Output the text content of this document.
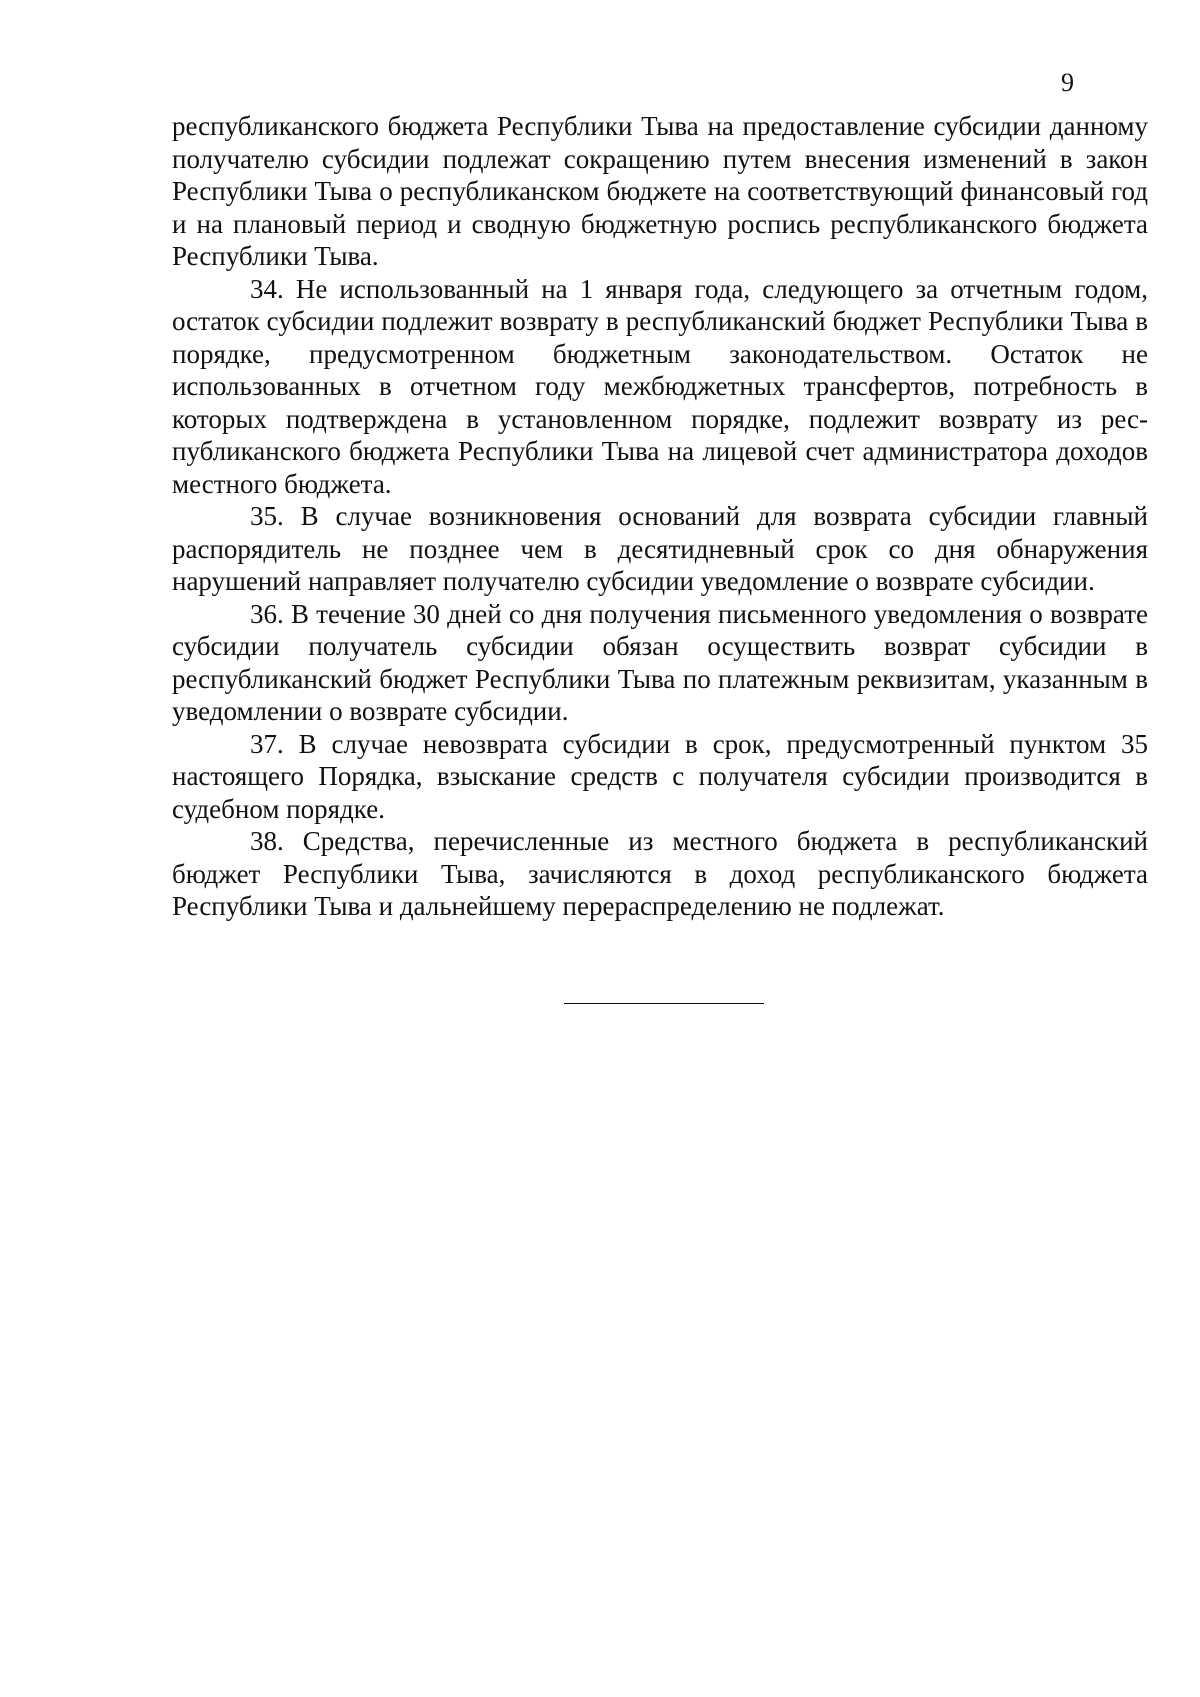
9

республиканского бюджета Республики Тыва на предоставление субсидии данному получателю субсидии подлежат сокращению путем внесения изменений в закон Республики Тыва о республиканском бюджете на соответствующий финансовый год и на плановый период и сводную бюджетную роспись республиканского бюджета Республики Тыва.

34. Не использованный на 1 января года, следующего за отчетным годом, остаток субсидии подлежит возврату в республиканский бюджет Республики Тыва в порядке, предусмотренном бюджетным законодательством. Остаток не использованных в отчетном году межбюджетных трансфертов, потребность в которых подтверждена в установленном порядке, подлежит возврату из республиканского бюджета Республики Тыва на лицевой счет администратора доходов местного бюджета.

35. В случае возникновения оснований для возврата субсидии главный распорядитель не позднее чем в десятидневный срок со дня обнаружения нарушений направляет получателю субсидии уведомление о возврате субсидии.

36. В течение 30 дней со дня получения письменного уведомления о возврате субсидии получатель субсидии обязан осуществить возврат субсидии в республиканский бюджет Республики Тыва по платежным реквизитам, указанным в уведомлении о возврате субсидии.

37. В случае невозврата субсидии в срок, предусмотренный пунктом 35 настоящего Порядка, взыскание средств с получателя субсидии производится в судебном порядке.

38. Средства, перечисленные из местного бюджета в республиканский бюджет Республики Тыва, зачисляются в доход республиканского бюджета Республики Тыва и дальнейшему перераспределению не подлежат.
